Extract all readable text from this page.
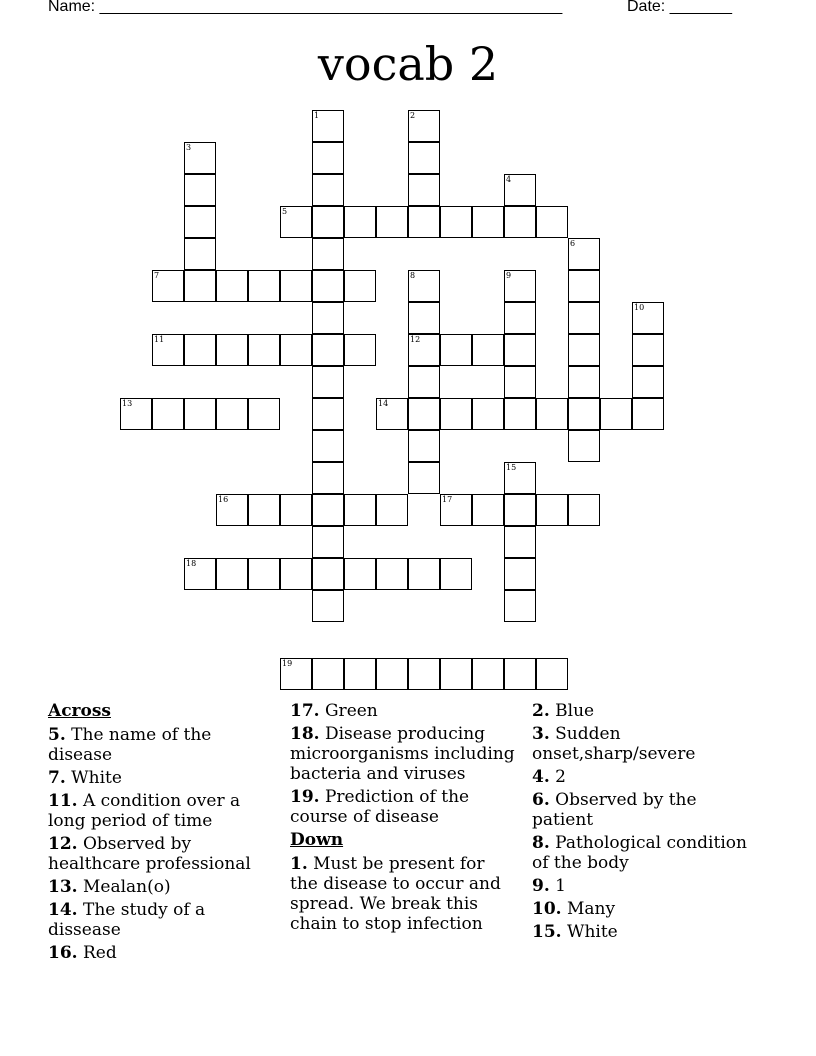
Name: ____________________________________________________	Date: _______
vocab 2
1	2
3
4
5
6
7	8	9
10
11	12
13	14
15
16	17
18
19
Across
5. The name of the disease
7. White
11. A condition over a long period of time
12. Observed by healthcare professional
13. Mealan(o)
14. The study of a dissease
16. Red
17. Green
18. Disease producing microorganisms including bacteria and viruses
19. Prediction of the course of disease
Down
1. Must be present for the disease to occur and spread. We break this chain to stop infection
2. Blue
3. Sudden onset,sharp/severe
4. 2
6. Observed by the patient
8. Pathological condition of the body
9. 1
10. Many
15. White
